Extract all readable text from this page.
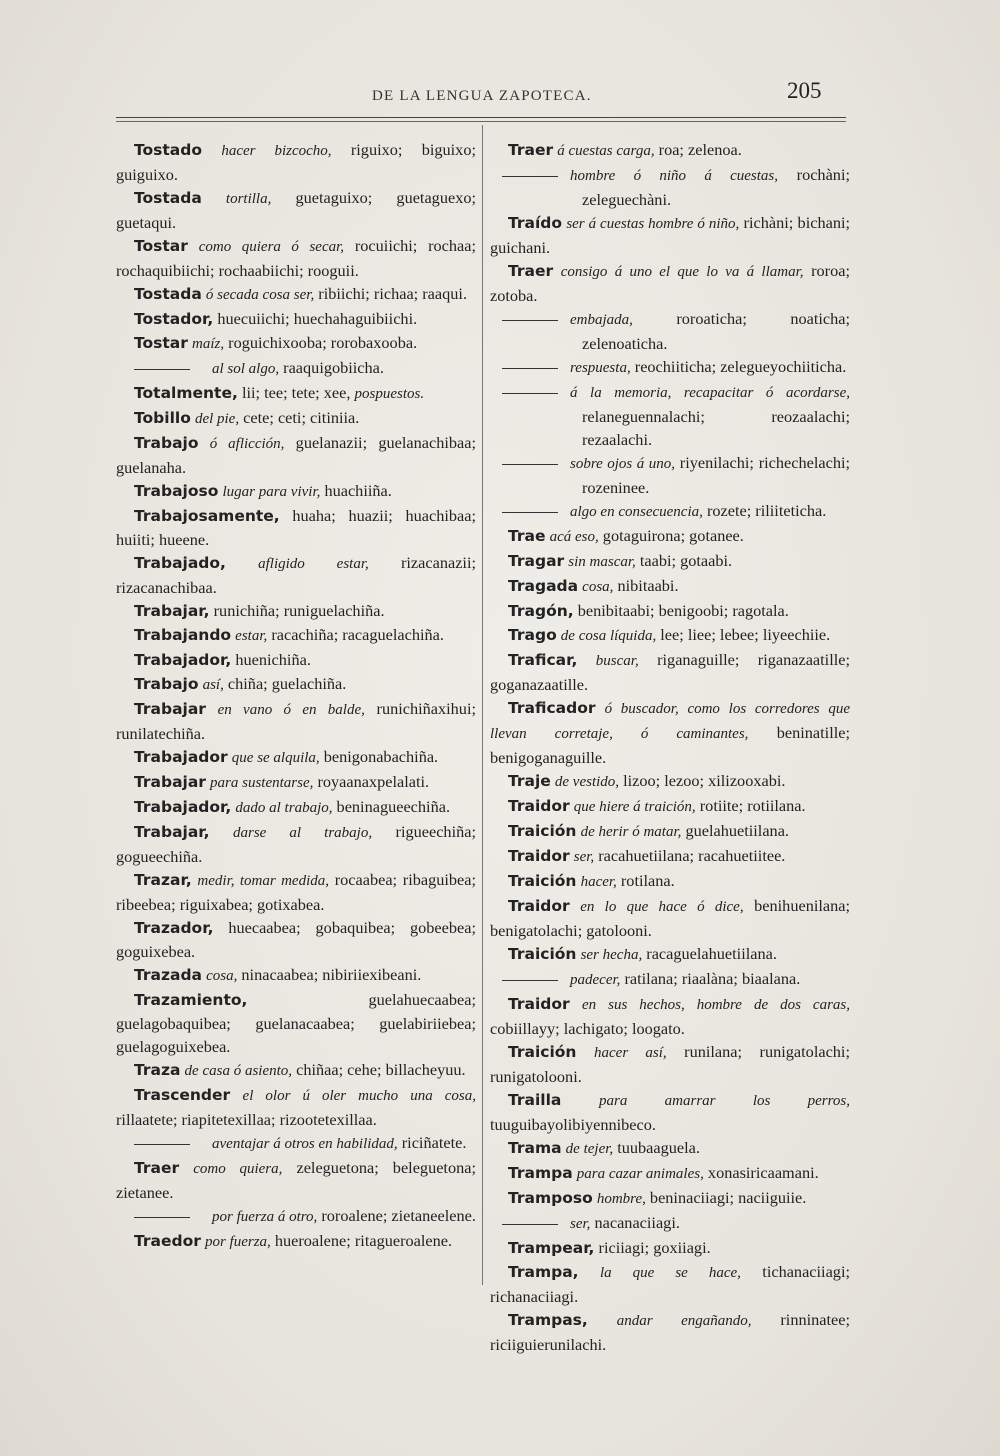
DE LA LENGUA ZAPOTECA.	205

Tostado hacer bizcocho, riguixo; biguixo; guiguixo.

Tostada tortilla, guetaguixo; guetaguexo; guetaqui.

Tostar como quiera ó secar, rocuiichi; rochaa; rochaquibiichi; rochaabiichi; rooguii.

Tostada ó secada cosa ser, ribiichi; richaa; raaqui.

Tostador, huecuiichi; huechahaguibiichi.

Tostar maíz, roguichixooba; rorobaxooba.

al sol algo, raaquigobiicha.

Totalmente, lii; tee; tete; xee, pospuestos.

Tobillo del pie, cete; ceti; citiniia.

Trabajo ó aflicción, guelanazii; guelanachibaa; guelanaha.

Trabajoso lugar para vivir, huachiiña.

Trabajosamente, huaha; huazii; huachibaa; huiiti; hueene.

Trabajado, afligido estar, rizacanazii; rizacanachibaa.

Trabajar, runichiña; runiguelachiña.

Trabajando estar, racachiña; racaguelachiña.

Trabajador, huenichiña.

Trabajo así, chiña; guelachiña.

Trabajar en vano ó en balde, runichiñaxihui; runilatechiña.

Trabajador que se alquila, benigonabachiña.

Trabajar para sustentarse, royaanaxpelalati.

Trabajador, dado al trabajo, beninagueechiña.

Trabajar, darse al trabajo, rigueechiña; gogueechiña.

Trazar, medir, tomar medida, rocaabea; ribaguibea; ribeebea; riguixabea; gotixabea.

Trazador, huecaabea; gobaquibea; gobeebea; goguixebea.

Trazada cosa, ninacaabea; nibiriiexibeani.

Trazamiento,	guelahuecaabea; guelagobaquibea; guelanacaabea; guelabiriiebea; guelagoguixebea.

Traza de casa ó asiento, chiñaa; cehe; billacheyuu.

Trascender el olor ú oler mucho una cosa, rillaatete; riapitetexillaa; rizootetexillaa.

aventajar á otros en habilidad, riciñatete.

Traer como quiera, zeleguetona; beleguetona; zietanee.

por fuerza á otro, roroalene; zietaneelene.

Traedor por fuerza, hueroalene; ritagueroalene.

Traer á cuestas carga, roa; zelenoa.

hombre ó niño á cuestas, rochàni; zeleguechàni.

Traído ser á cuestas hombre ó niño, richàni; bichani; guichani.

Traer consigo á uno el que lo va á llamar, roroa; zotoba.

embajada, roroaticha; noaticha; zelenoaticha.

respuesta, reochiiticha; zelegueyochiiticha.

á la memoria, recapacitar ó acordarse, relaneguennalachi; reozaalachi; rezaalachi.

sobre ojos á uno, riyenilachi; richechelachi; rozeninee.

algo en consecuencia, rozete; riliiteticha.

Trae acá eso, gotaguirona; gotanee.

Tragar sin mascar, taabi; gotaabi.

Tragada cosa, nibitaabi.

Tragón, benibitaabi; benigoobi; ragotala.

Trago de cosa líquida, lee; liee; lebee; liyeechiie.

Traficar, buscar, riganaguille; riganazaatille; goganazaatille.

Traficador ó buscador, como los corredores que llevan corretaje, ó caminantes, beninatille; benigoganaguille.

Traje de vestido, lizoo; lezoo; xilizooxabi.

Traidor que hiere á traición, rotiite; rotiilana.

Traición de herir ó matar, guelahuetiilana.

Traidor ser, racahuetiilana; racahuetiitee.

Traición hacer, rotilana.

Traidor en lo que hace ó dice, benihuenilana; benigatolachi; gatolooni.

Traición ser hecha, racaguelahuetiilana.

padecer, ratilana; riaalàna; biaalana.

Traidor en sus hechos, hombre de dos caras, cobiillayy; lachigato; loogato.

Traición hacer así, runilana; runigatolachi; runigatolooni.

Trailla	para amarrar los perros, tuuguibayolibiyennibeco.

Trama de tejer, tuubaaguela.

Trampa para cazar animales, xonasiricaamani.

Tramposo hombre, beninaciiagi; naciiguiie.

ser, nacanaciiagi.

Trampear, riciiagi; goxiiagi.

Trampa, la que se hace, tichanaciiagi; richanaciiagi.

Trampas, andar engañando, rinninatee; riciiguierunilachi.
